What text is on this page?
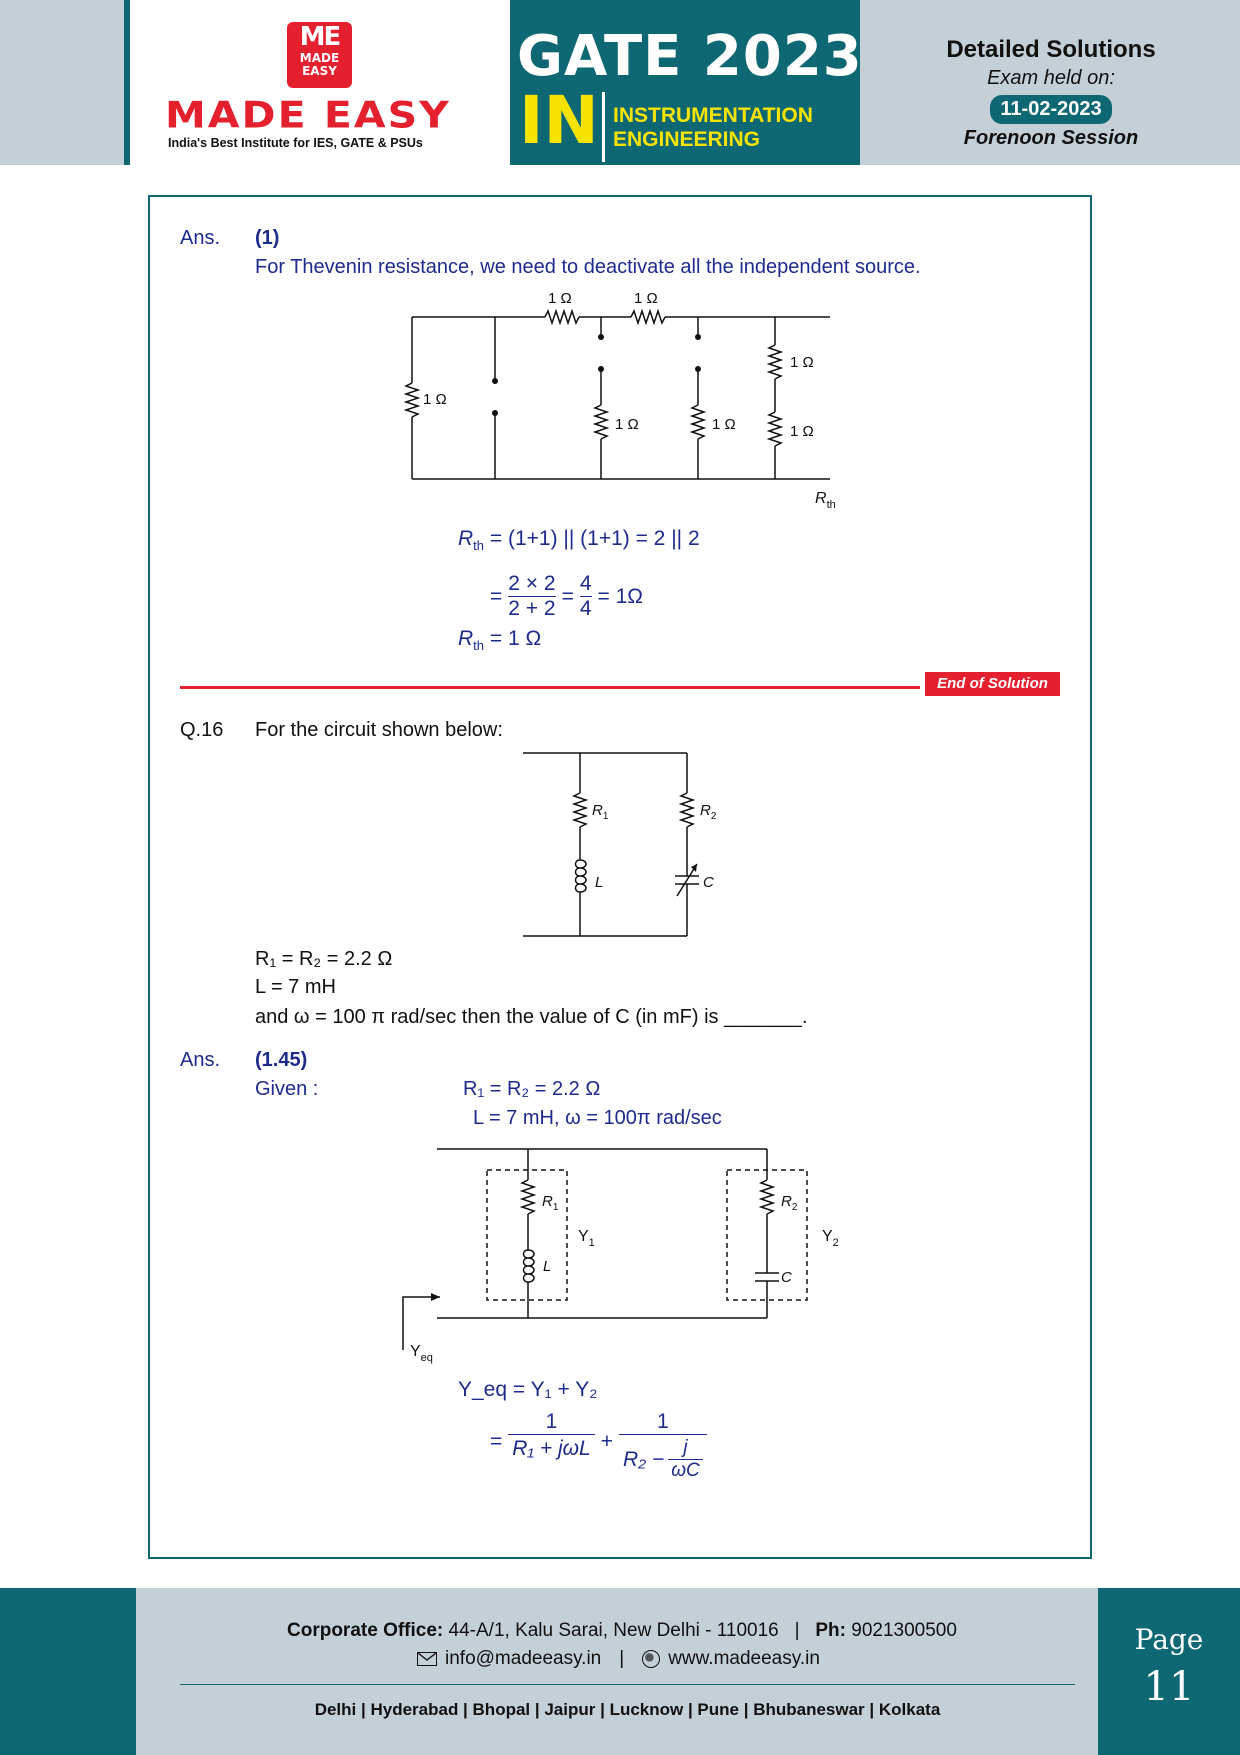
ME
MADE EASY
MADE EASY
India's Best Institute for IES, GATE & PSUs
GATE 2023
IN INSTRUMENTATION
ENGINEERING
Detailed Solutions
Exam held on:
11-02-2023
Forenoon Session
Ans. (1)
For Thevenin resistance, we need to deactivate all the independent source.
1 Ω	1 Ω
1 Ω
1 Ω	1 Ω
1 Ω
1 Ω
$R_{th}$
$R_{th} = (1+1)$ || (1+1) = 2 || 2
= $\frac{2 \times 2}{2 + 2} = \frac{4}{4} = 1\Omega$
$R_{th} = 1$ Ω
End of Solution
Q.16 For the circuit shown below:
$R_1$	$R_2$
L	C
R₁ = R₂ = 2.2 Ω
L = 7 mH
and ω = 100 π rad/sec then the value of C (in mF) is _______.
Ans. (1.45)
Given :	R₁ = R₂ = 2.2 Ω
L = 7 mH, ω = 100π rad/sec
$R_1$	$R_2$
L
C
$Y_1$	$Y_2$
$Y_{eq}$
Y_eq = Y₁ + Y₂
=
1
$R_1 + j\omega L + \frac{1}{R_2 - \frac{j}{\omega C}}$
Corporate Office: 44-A/1, Kalu Sarai, New Delhi - 110016 | Ph: 9021300500
info@madeeasy.in | www.madeeasy.in
Delhi | Hyderabad | Bhopal | Jaipur | Lucknow | Pune | Bhubaneswar | Kolkata
Page
11
